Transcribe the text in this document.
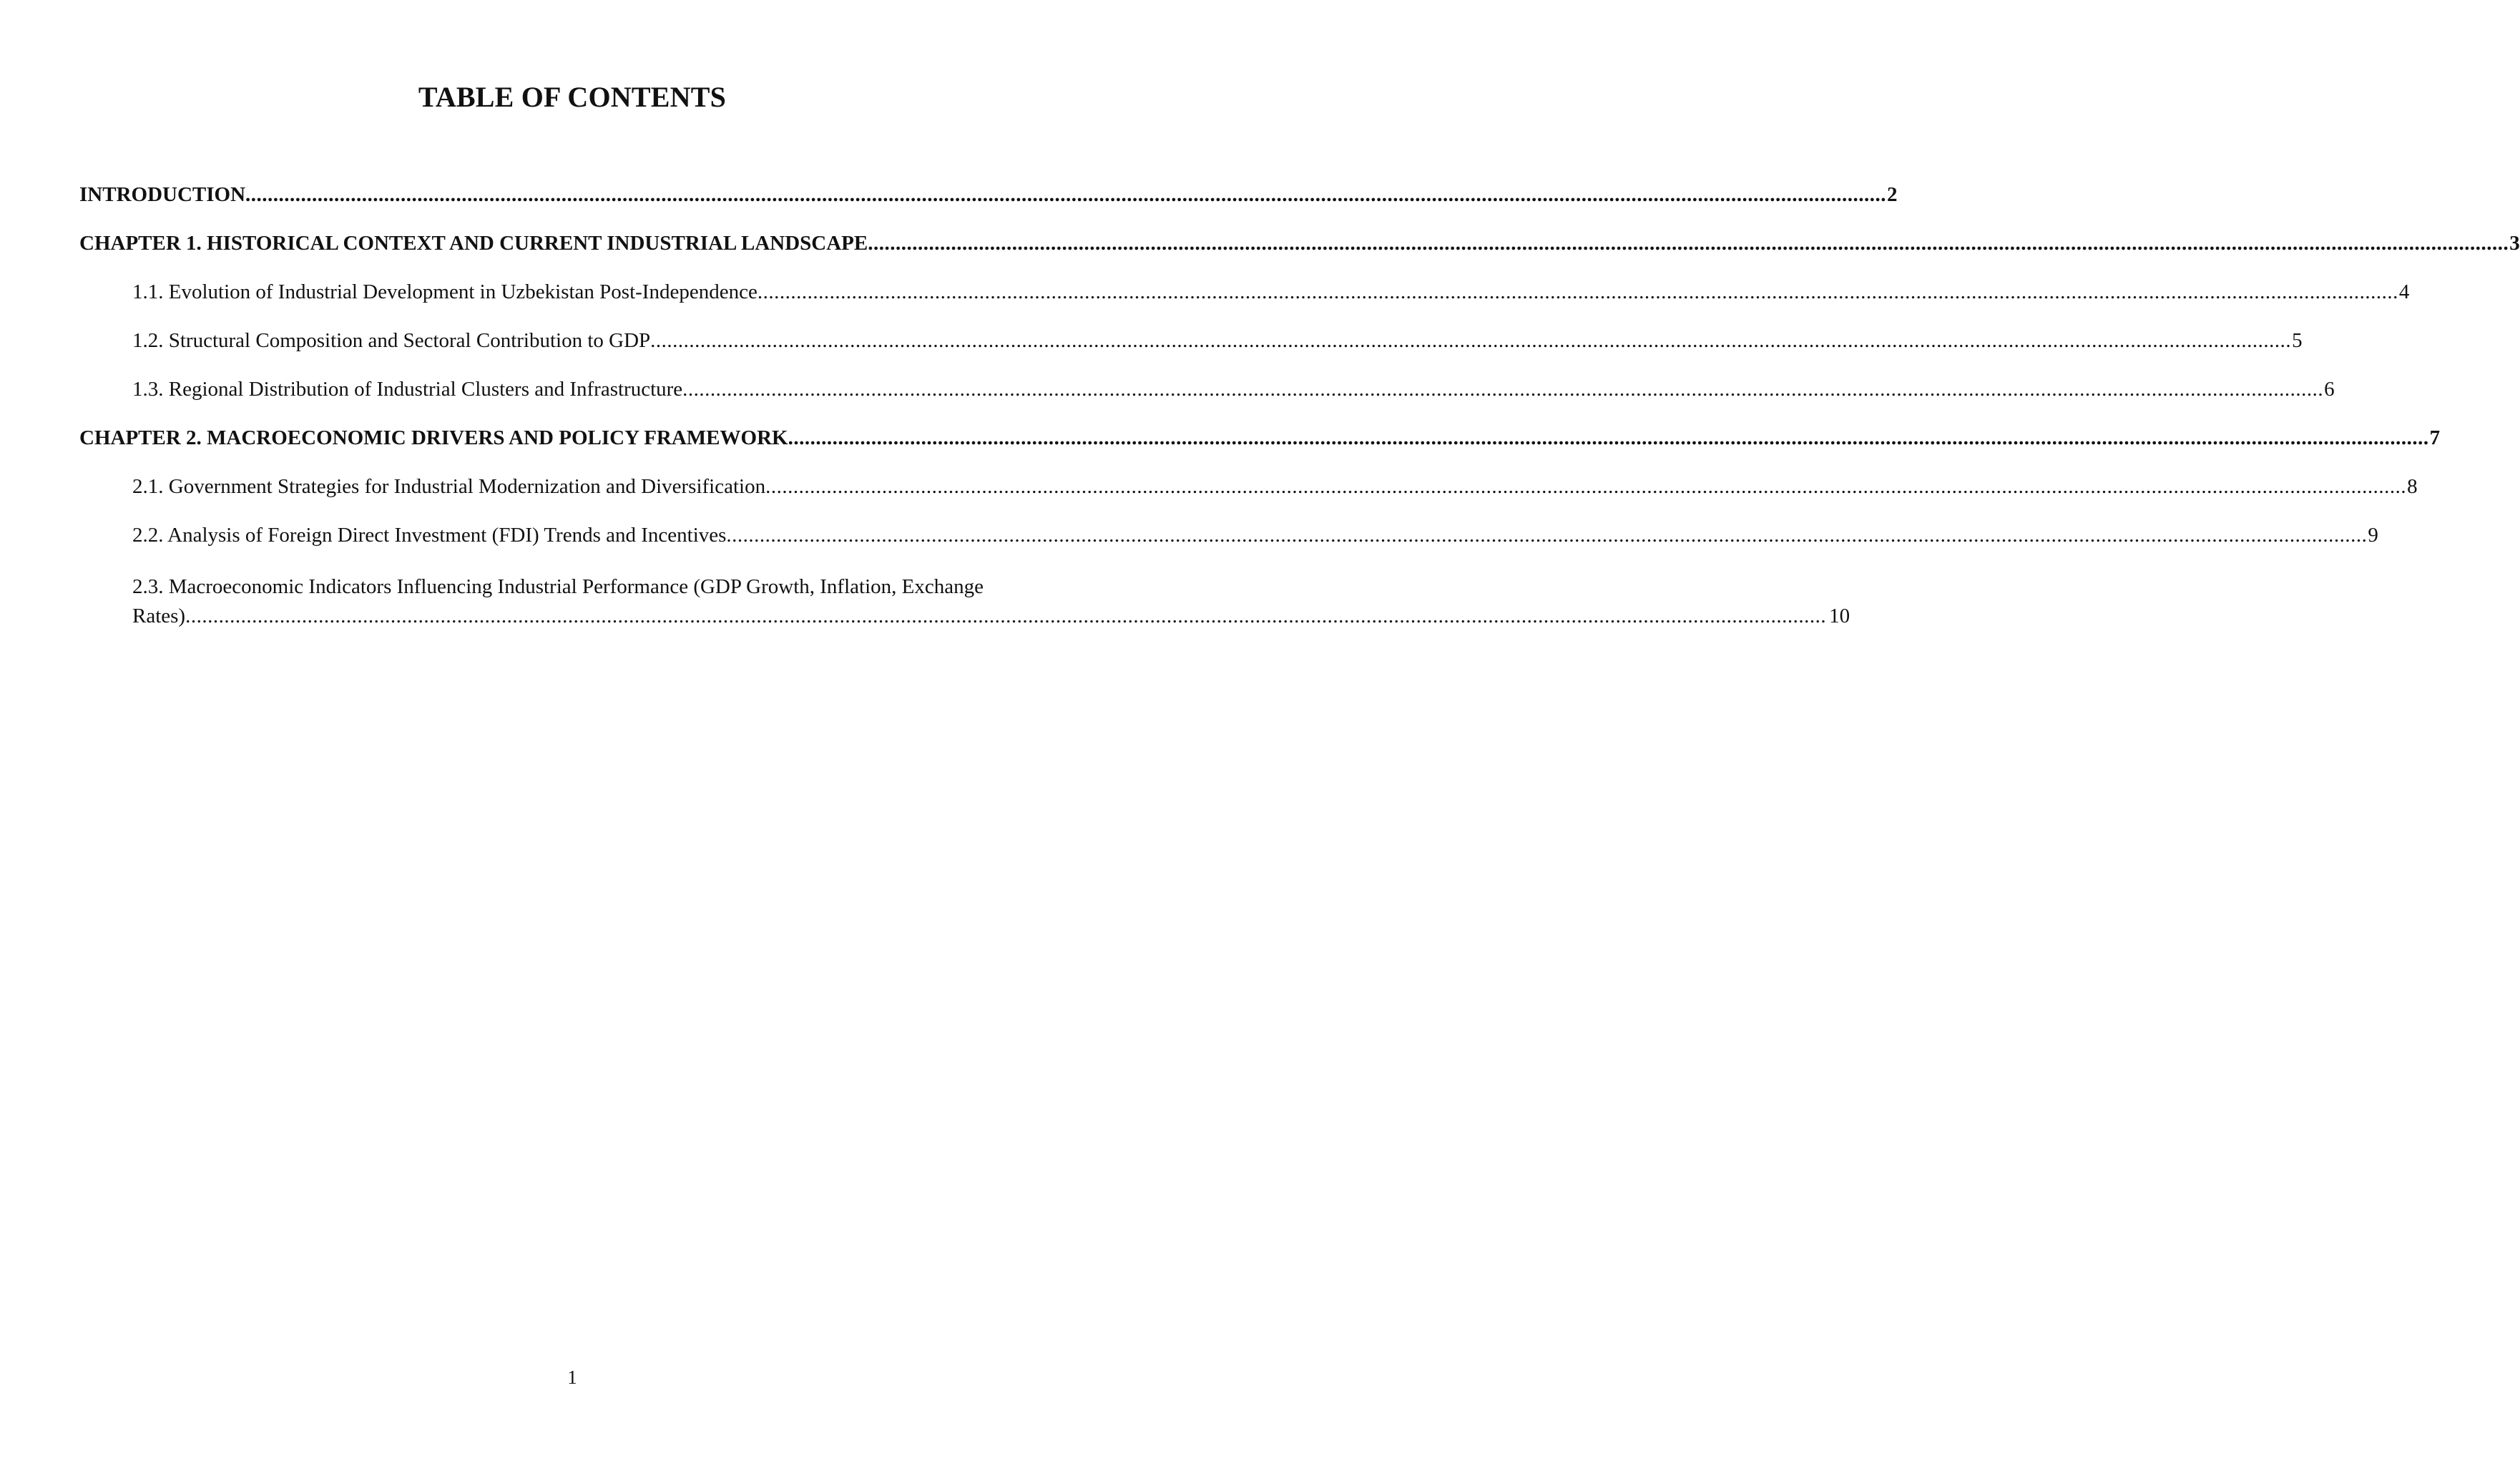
TABLE OF CONTENTS
INTRODUCTION .....	2
CHAPTER 1. HISTORICAL CONTEXT AND CURRENT INDUSTRIAL LANDSCAPE .....	3
1.1. Evolution of Industrial Development in Uzbekistan Post-Independence .....	4
1.2. Structural Composition and Sectoral Contribution to GDP .....	5
1.3. Regional Distribution of Industrial Clusters and Infrastructure .....	6
CHAPTER 2. MACROECONOMIC DRIVERS AND POLICY FRAMEWORK .....	7
2.1. Government Strategies for Industrial Modernization and Diversification .....	8
2.2. Analysis of Foreign Direct Investment (FDI) Trends and Incentives .....	9
2.3. Macroeconomic Indicators Influencing Industrial Performance (GDP Growth, Inflation, Exchange
Rates) .....	10
1
